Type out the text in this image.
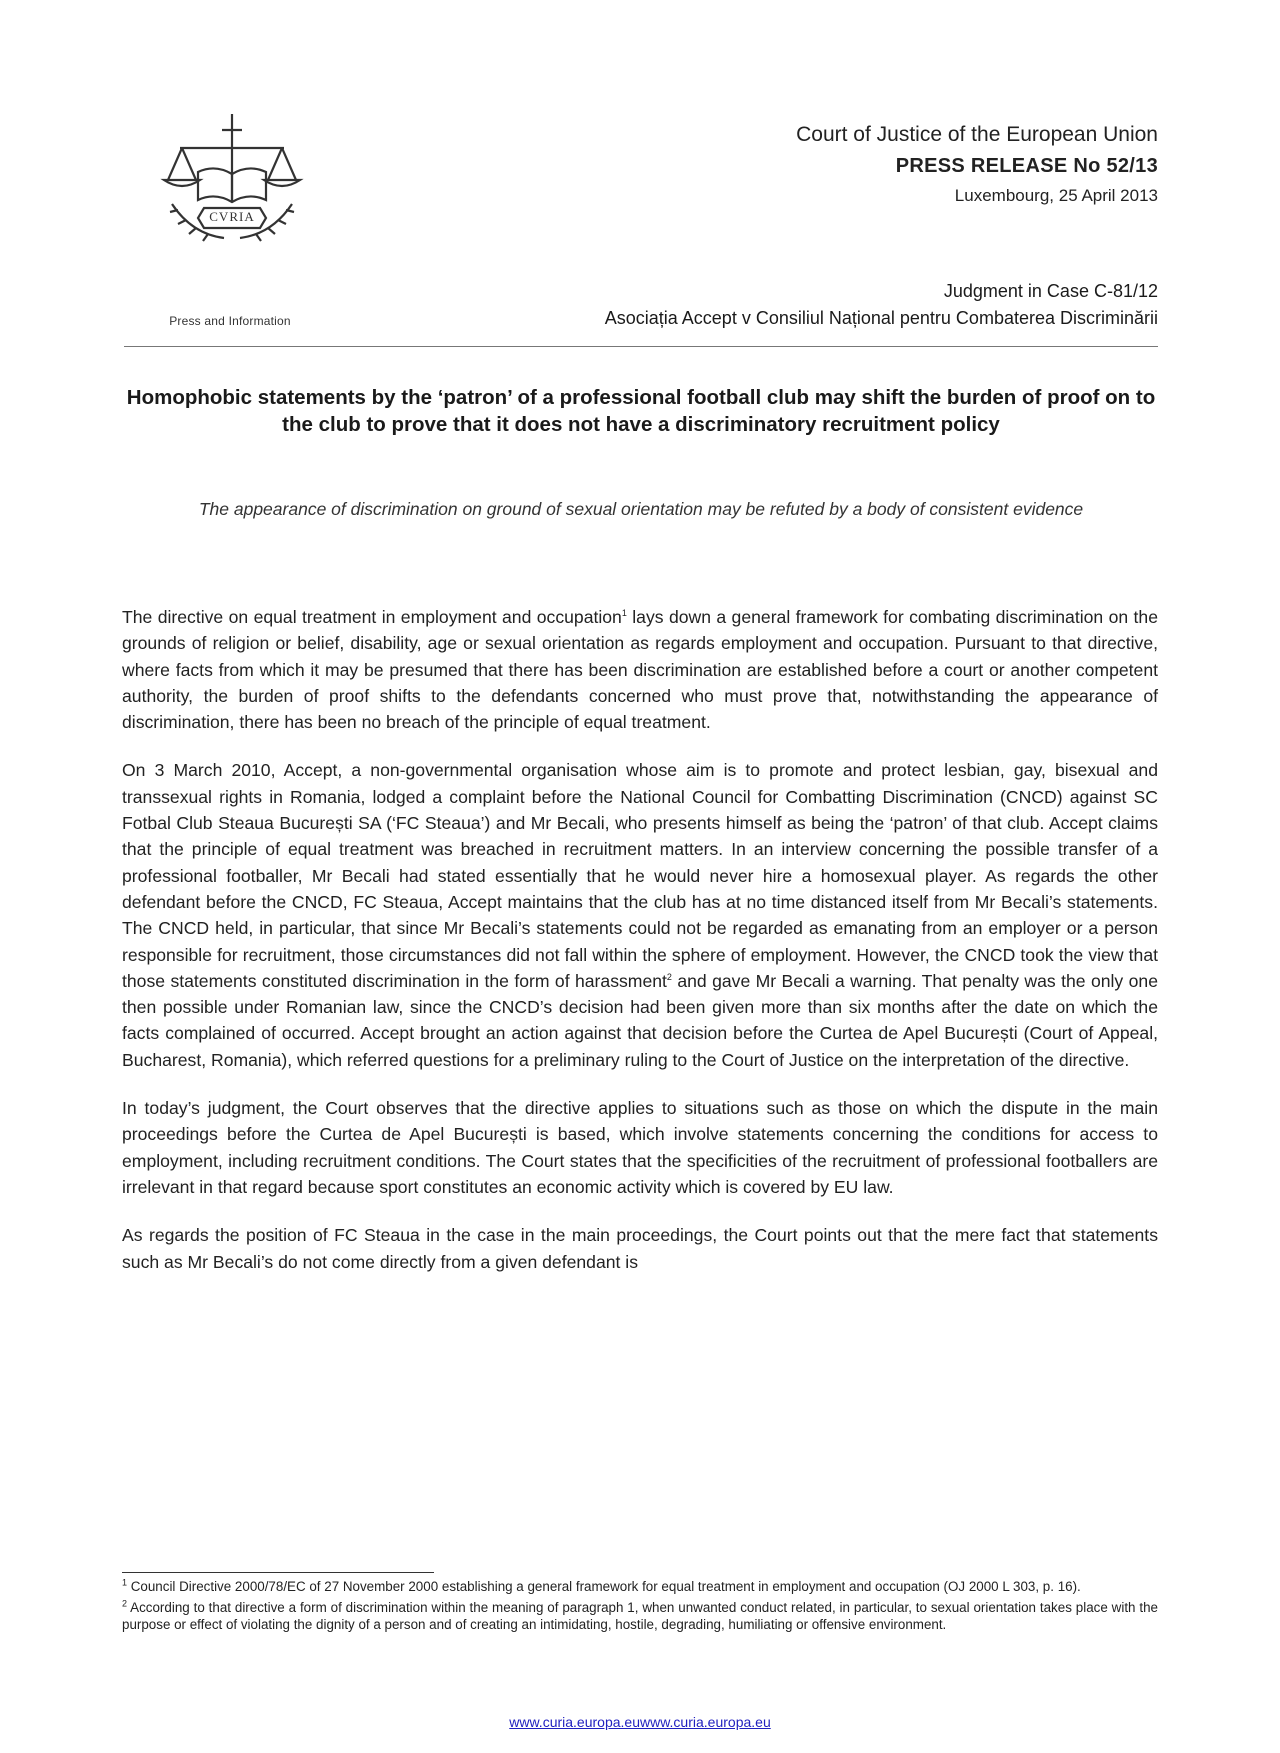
CVRIA
Press and Information
Court of Justice of the European Union
PRESS RELEASE No 52/13
Luxembourg, 25 April 2013
Judgment in Case C-81/12
Asociația Accept v Consiliul Național pentru Combaterea Discriminării
Homophobic statements by the ‘patron’ of a professional football club may shift the burden of proof on to the club to prove that it does not have a discriminatory recruitment policy
The appearance of discrimination on ground of sexual orientation may be refuted by a body of consistent evidence

The directive on equal treatment in employment and occupation$^1$ lays down a general framework for combating discrimination on the grounds of religion or belief, disability, age or sexual orientation as regards employment and occupation. Pursuant to that directive, where facts from which it may be presumed that there has been discrimination are established before a court or another competent authority, the burden of proof shifts to the defendants concerned who must prove that, notwithstanding the appearance of discrimination, there has been no breach of the principle of equal treatment.

On 3 March 2010, Accept, a non-governmental organisation whose aim is to promote and protect lesbian, gay, bisexual and transsexual rights in Romania, lodged a complaint before the National Council for Combatting Discrimination (CNCD) against SC Fotbal Club Steaua București SA (‘FC Steaua’) and Mr Becali, who presents himself as being the ‘patron’ of that club. Accept claims that the principle of equal treatment was breached in recruitment matters. In an interview concerning the possible transfer of a professional footballer, Mr Becali had stated essentially that he would never hire a homosexual player. As regards the other defendant before the CNCD, FC Steaua, Accept maintains that the club has at no time distanced itself from Mr Becali’s statements. The CNCD held, in particular, that since Mr Becali’s statements could not be regarded as emanating from an employer or a person responsible for recruitment, those circumstances did not fall within the sphere of employment. However, the CNCD took the view that those statements constituted discrimination in the form of harassment$^2$ and gave Mr Becali a warning. That penalty was the only one then possible under Romanian law, since the CNCD’s decision had been given more than six months after the date on which the facts complained of occurred. Accept brought an action against that decision before the Curtea de Apel București (Court of Appeal, Bucharest, Romania), which referred questions for a preliminary ruling to the Court of Justice on the interpretation of the directive.

In today’s judgment, the Court observes that the directive applies to situations such as those on which the dispute in the main proceedings before the Curtea de Apel București is based, which involve statements concerning the conditions for access to employment, including recruitment conditions. The Court states that the specificities of the recruitment of professional footballers are irrelevant in that regard because sport constitutes an economic activity which is covered by EU law.

As regards the position of FC Steaua in the case in the main proceedings, the Court points out that the mere fact that statements such as Mr Becali’s do not come directly from a given defendant is

$^1$ Council Directive 2000/78/EC of 27 November 2000 establishing a general framework for equal treatment in employment and occupation (OJ 2000 L 303, p. 16).

$^2$ According to that directive a form of discrimination within the meaning of paragraph 1, when unwanted conduct related, in particular, to sexual orientation takes place with the purpose or effect of violating the dignity of a person and of creating an intimidating, hostile, degrading, humiliating or offensive environment.

www.curia.europa.euwww.curia.europa.eu
